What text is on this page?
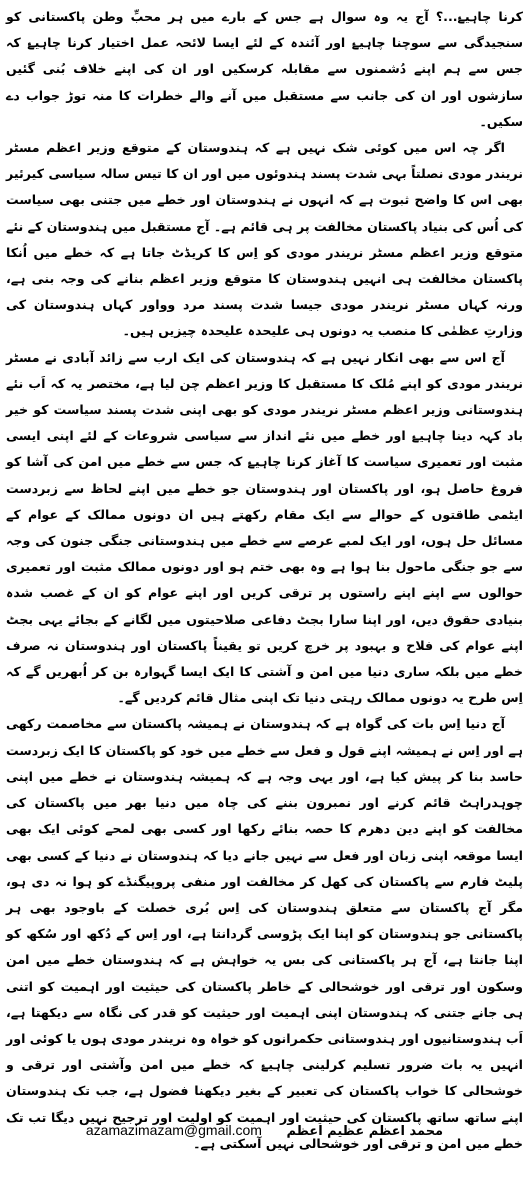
کرنا چاہیۓ...؟ آج یہ وہ سوال ہے جس کے بارے میں ہر محبِّ وطن پاکستانی کو سنجیدگی سے سوچنا چاہیۓ اور آئندہ کے لئے ایسا لائحہ عمل اختیار کرنا چاہیۓ کہ جس سے ہم اپنے دُشمنوں سے مقابلہ کرسکیں اور ان کی اپنے خلاف بُنی گئیں سازشوں اور ان کی جانب سے مستقبل میں آنے والے خطرات کا منہ توڑ جواب دے سکیں۔

اگر چہ اس میں کوئی شک نہیں ہے کہ ہندوستان کے متوقع وزیر اعظم مسٹر نریندر مودی نصلتاً بہی شدت پسند ہندوئوں میں اور ان کا تیس سالہ سیاسی کیرئیر بھی اس کا واضح ثبوت ہے کہ انہوں نے ہندوستان اور خطے میں جتنی بھی سیاست کی اُس کی بنیاد پاکستان مخالفت پر ہی قائم ہے۔ آج مستقبل میں ہندوستان کے نئے متوقع وزیر اعظم مسٹر نریندر مودی کو اِس کا کریڈٹ جاتا ہے کہ خطے میں اُنکا پاکستان مخالفت ہی انہیں ہندوستان کا متوقع وزیر اعظم بنانے کی وجہ بنی ہے، ورنہ کہاں مسٹر نریندر مودی جیسا شدت پسند مرد وواور کہاں ہندوستان کی وزارتِ عظمٰی کا منصب یہ دونوں ہی علیحدہ علیحدہ چیزیں ہیں۔

آج اس سے بھی انکار نہیں ہے کہ ہندوستان کی ایک ارب سے زائد آبادی نے مسٹر نریندر مودی کو اپنے مُلک کا مستقبل کا وزیر اعظم چن لیا ہے، مختصر یہ کہ اَب نئے ہندوستانی وزیر اعظم مسٹر نریندر مودی کو بھی اپنی شدت پسند سیاست کو خیر باد کہہ دینا چاہیۓ اور خطے میں نئے انداز سے سیاسی شروعات کے لئے اپنی ایسی مثبت اور تعمیری سیاست کا آغاز کرنا چاہیۓ کہ جس سے خطے میں امن کی آشا کو فروغ حاصل ہو، اور پاکستان اور ہندوستان جو خطے میں اپنے لحاظ سے زبردست ایٹمی طاقتوں کے حوالے سے ایک مقام رکھتے ہیں ان دونوں ممالک کے عوام کے مسائل حل ہوں، اور ایک لمبے عرصے سے خطے میں ہندوستانی جنگی جنون کی وجہ سے جو جنگی ماحول بنا ہوا ہے وہ بھی ختم ہو اور دونوں ممالک مثبت اور تعمیری حوالوں سے اپنے اپنے راستوں پر ترقی کریں اور اپنے عوام کو ان کے غصب شدہ بنیادی حقوق دیں، اور اپنا سارا بجٹ دفاعی صلاحیتوں میں لگانے کے بجائے یہی بجٹ اپنے عوام کی فلاح و بہبود پر خرچ کریں تو یقیناً پاکستان اور ہندوستان نہ صرف خطے میں بلکہ ساری دنیا میں امن و آشتی کا ایک ایسا گہوارہ بن کر اُبھریں گے کہ اِس طرح یہ دونوں ممالک رہتی دنیا تک اپنی مثال قائم کردیں گے۔

آج دنیا اِس بات کی گواہ ہے کہ ہندوستان نے ہمیشہ پاکستان سے مخاصمت رکھی ہے اور اِس نے ہمیشہ اپنے قول و فعل سے خطے میں خود کو پاکستان کا ایک زبردست حاسد بنا کر پیش کیا ہے، اور یہی وجہ ہے کہ ہمیشہ ہندوستان نے خطے میں اپنی چوہدراہٹ قائم کرنے اور نمبرون بننے کی چاہ میں دنیا بھر میں پاکستان کی مخالفت کو اپنے دین دھرم کا حصہ بنائے رکھا اور کسی بھی لمحے کوئی ایک بھی ایسا موقعہ اپنی زبان اور فعل سے نہیں جانے دیا کہ ہندوستان نے دنیا کے کسی بھی پلیٹ فارم سے پاکستان کی کھل کر مخالفت اور منفی پروپیگنڈے کو ہوا نہ دی ہو، مگر آج پاکستان سے متعلق ہندوستان کی اِس بُری خصلت کے باوجود بھی ہر پاکستانی جو ہندوستان کو اپنا ایک پڑوسی گردانتا ہے، اور اِس کے دُکھ اور سُکھ کو اپنا جانتا ہے، آج ہر پاکستانی کی بس یہ خواہش ہے کہ ہندوستان خطے میں امن وسکون اور ترقی اور خوشحالی کے خاطر پاکستان کی حیثیت اور اہمیت کو اتنی ہی جانے جتنی کہ ہندوستان اپنی اہمیت اور حیثیت کو قدر کی نگاہ سے دیکھتا ہے، اَب ہندوستانیوں اور ہندوستانی حکمرانوں کو خواہ وہ نریندر مودی ہوں یا کوئی اور انہیں یہ بات ضرور تسلیم کرلینی چاہیۓ کہ خطے میں امن وآشتی اور ترقی و خوشحالی کا خواب پاکستان کی تعبیر کے بغیر دیکھنا فضول ہے، جب تک ہندوستان اپنے ساتھ ساتھ پاکستان کی حیثیت اور اہمیت کو اولیت اور ترجیح نہیں دیگا تب تک خطے میں امن و ترقی اور خوشحالی نہیں آسکتی ہے۔

azamazimazam@gmail.com محمد اعظم عظیم اعظم
